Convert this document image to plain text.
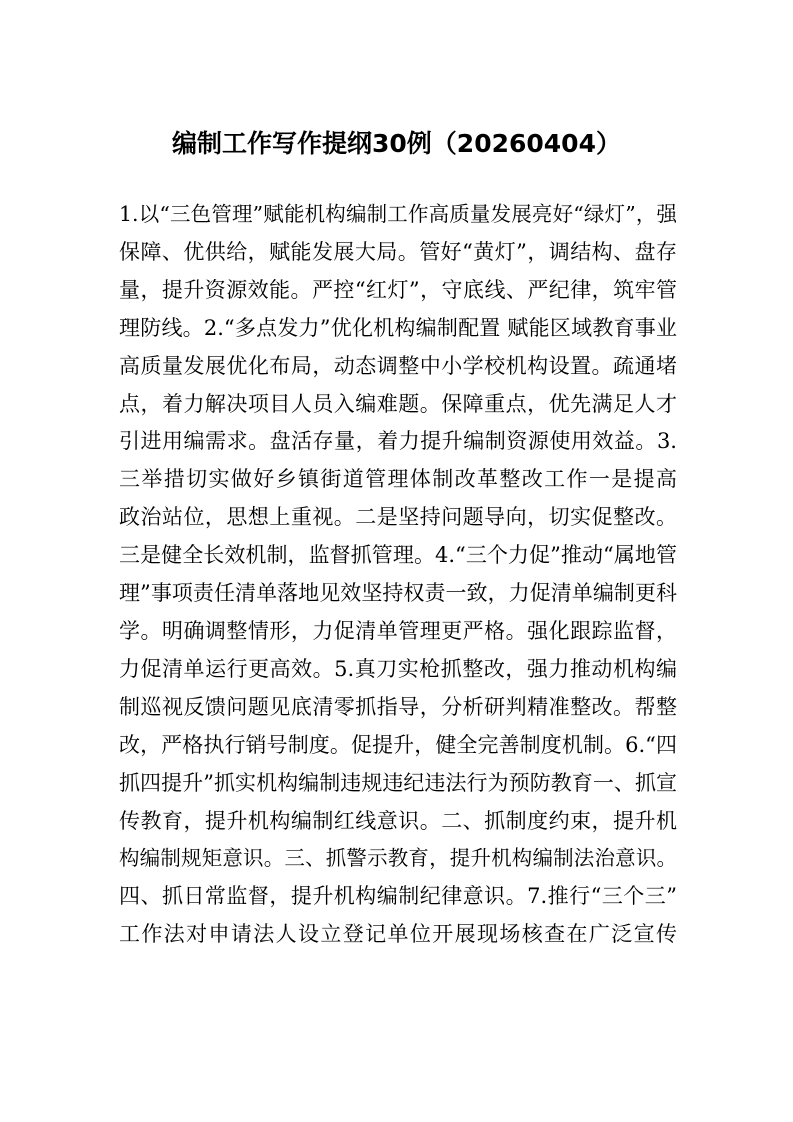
编制工作写作提纲30例（20260404）
1.以“三色管理”赋能机构编制工作高质量发展亮好“绿灯”，强
保障、优供给，赋能发展大局。管好“黄灯”，调结构、盘存
量，提升资源效能。严控“红灯”，守底线、严纪律，筑牢管
理防线。2.“多点发力”优化机构编制配置 赋能区域教育事业
高质量发展优化布局，动态调整中小学校机构设置。疏通堵
点，着力解决项目人员入编难题。保障重点，优先满足人才
引进用编需求。盘活存量，着力提升编制资源使用效益。3.
三举措切实做好乡镇街道管理体制改革整改工作一是提高
政治站位，思想上重视。二是坚持问题导向，切实促整改。
三是健全长效机制，监督抓管理。4.“三个力促”推动“属地管
理”事项责任清单落地见效坚持权责一致，力促清单编制更科
学。明确调整情形，力促清单管理更严格。强化跟踪监督，
力促清单运行更高效。5.真刀实枪抓整改，强力推动机构编
制巡视反馈问题见底清零抓指导，分析研判精准整改。帮整
改，严格执行销号制度。促提升，健全完善制度机制。6.“四
抓四提升”抓实机构编制违规违纪违法行为预防教育一、抓宣
传教育，提升机构编制红线意识。二、抓制度约束，提升机
构编制规矩意识。三、抓警示教育，提升机构编制法治意识。
四、抓日常监督，提升机构编制纪律意识。7.推行“三个三”
工作法对申请法人设立登记单位开展现场核查在广泛宣传
